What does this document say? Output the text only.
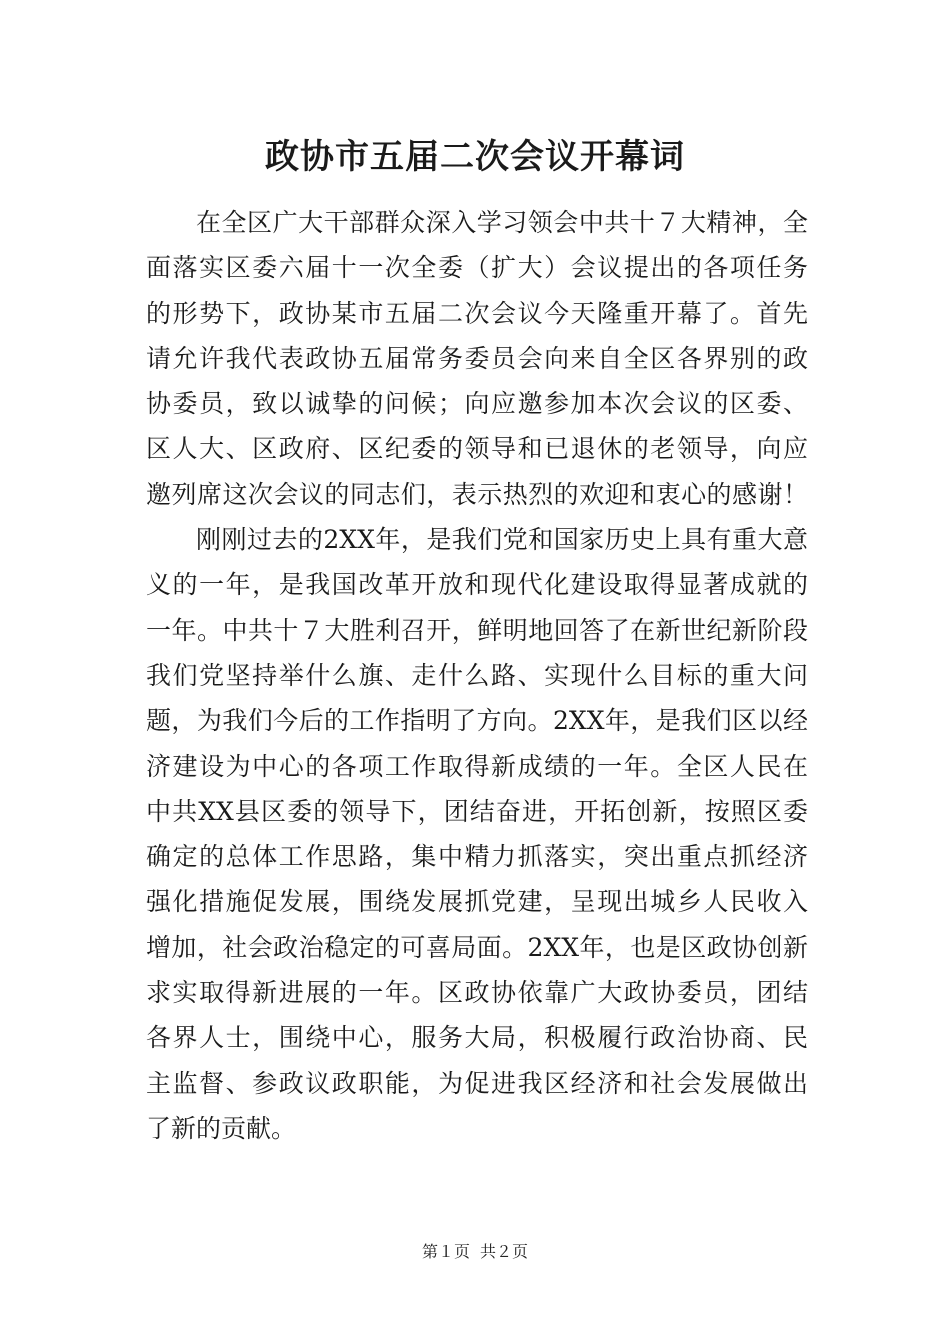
政协市五届二次会议开幕词
在全区广大干部群众深入学习领会中共十７大精神，全
面落实区委六届十一次全委（扩大）会议提出的各项任务
的形势下，政协某市五届二次会议今天隆重开幕了。首先
请允许我代表政协五届常务委员会向来自全区各界别的政
协委员，致以诚挚的问候；向应邀参加本次会议的区委、
区人大、区政府、区纪委的领导和已退休的老领导，向应
邀列席这次会议的同志们，表示热烈的欢迎和衷心的感谢！
刚刚过去的2XX年，是我们党和国家历史上具有重大意
义的一年，是我国改革开放和现代化建设取得显著成就的
一年。中共十７大胜利召开，鲜明地回答了在新世纪新阶段
我们党坚持举什么旗、走什么路、实现什么目标的重大问
题，为我们今后的工作指明了方向。2XX年，是我们区以经
济建设为中心的各项工作取得新成绩的一年。全区人民在
中共XX县区委的领导下，团结奋进，开拓创新，按照区委
确定的总体工作思路，集中精力抓落实，突出重点抓经济
强化措施促发展，围绕发展抓党建，呈现出城乡人民收入
增加，社会政治稳定的可喜局面。2XX年，也是区政协创新
求实取得新进展的一年。区政协依靠广大政协委员，团结
各界人士，围绕中心，服务大局，积极履行政治协商、民
主监督、参政议政职能，为促进我区经济和社会发展做出
了新的贡献。
第１页 共２页
